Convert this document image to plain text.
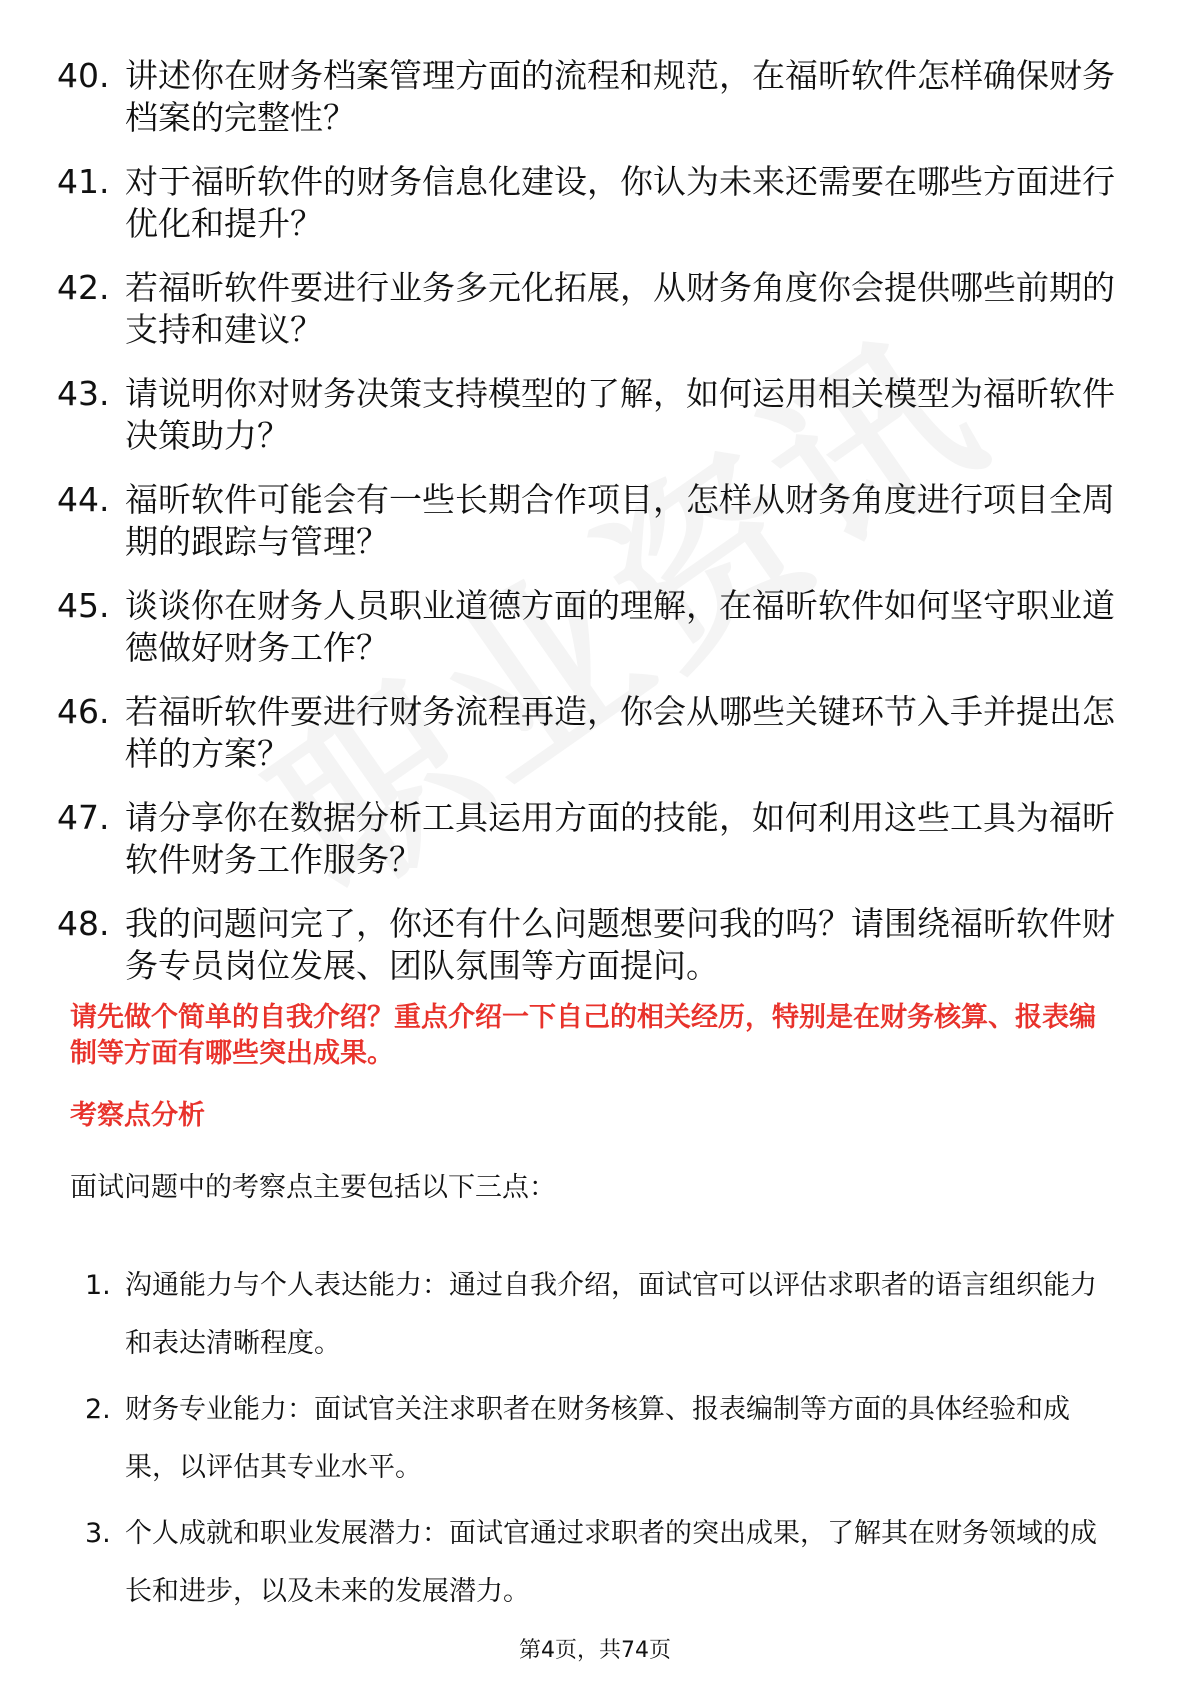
40. 讲述你在财务档案管理方面的流程和规范，在福昕软件怎样确保财务档案的完整性？
41. 对于福昕软件的财务信息化建设，你认为未来还需要在哪些方面进行优化和提升？
42. 若福昕软件要进行业务多元化拓展，从财务角度你会提供哪些前期的支持和建议？
43. 请说明你对财务决策支持模型的了解，如何运用相关模型为福昕软件决策助力？
44. 福昕软件可能会有一些长期合作项目，怎样从财务角度进行项目全周期的跟踪与管理？
45. 谈谈你在财务人员职业道德方面的理解，在福昕软件如何坚守职业道德做好财务工作？
46. 若福昕软件要进行财务流程再造，你会从哪些关键环节入手并提出怎样的方案？
47. 请分享你在数据分析工具运用方面的技能，如何利用这些工具为福昕软件财务工作服务？
48. 我的问题问完了，你还有什么问题想要问我的吗？请围绕福昕软件财务专员岗位发展、团队氛围等方面提问。

请先做个简单的自我介绍？重点介绍一下自己的相关经历，特别是在财务核算、报表编制等方面有哪些突出成果。

考察点分析

面试问题中的考察点主要包括以下三点：

1. 沟通能力与个人表达能力：通过自我介绍，面试官可以评估求职者的语言组织能力和表达清晰程度。
2. 财务专业能力：面试官关注求职者在财务核算、报表编制等方面的具体经验和成果，以评估其专业水平。
3. 个人成就和职业发展潜力：面试官通过求职者的突出成果，了解其在财务领域的成长和进步，以及未来的发展潜力。
第4页，共74页
